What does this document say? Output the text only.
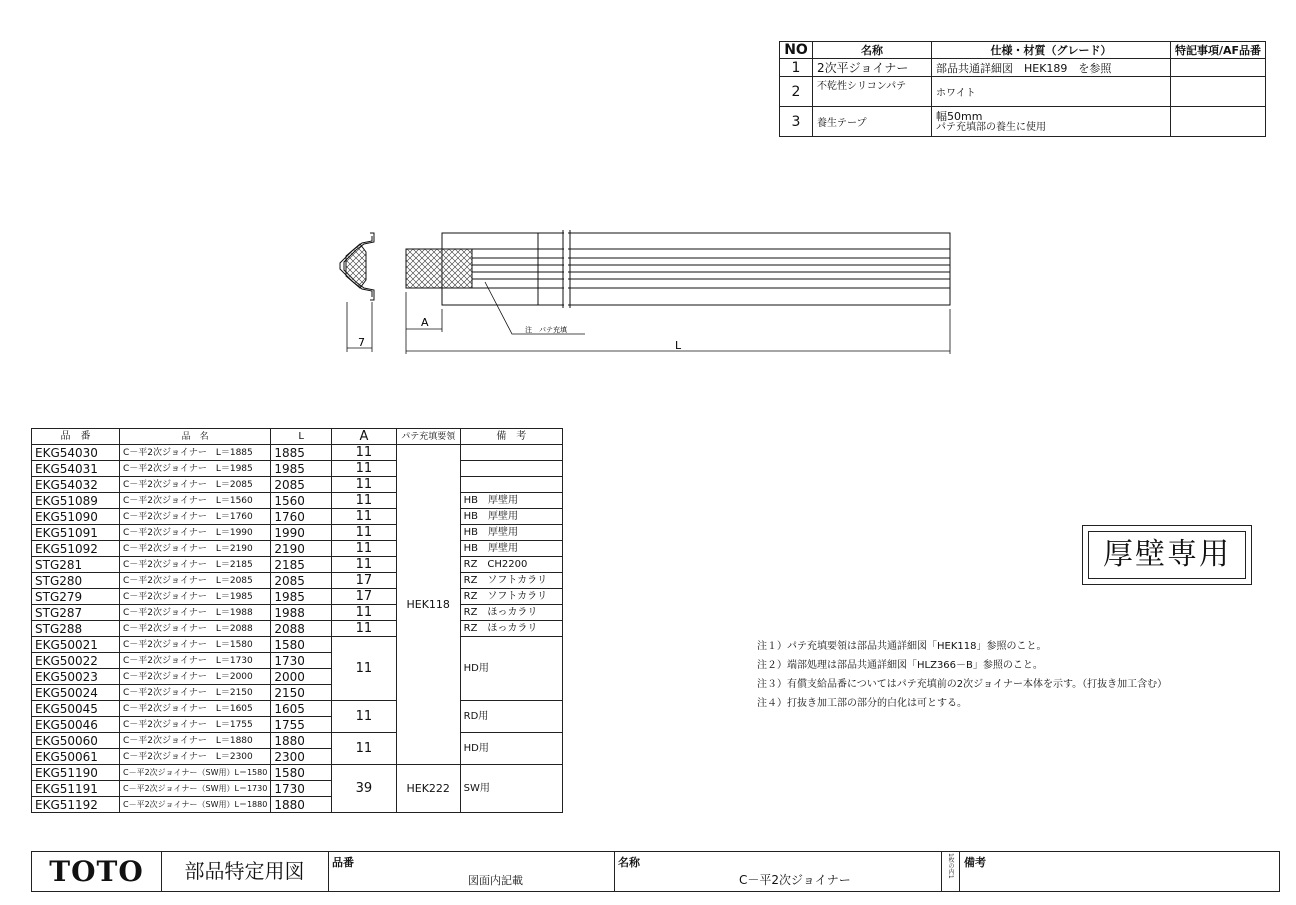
NO	名称	仕様・材質（グレード）	特記事項/AF品番
1	2次平ジョイナー	部品共通詳細図　HEK189　を参照	
2	不乾性シリコンパテ	ホワイト	
3	養生テープ	幅50mm
パテ充填部の養生に使用	

7
A
L
注　パテ充填
品　番	品　名	L	A	パテ充填要領	備　考
EKG54030	C－平2次ジョイナー　L＝1885	1885	11	HEK118	
EKG54031	C－平2次ジョイナー　L＝1985	1985	11		
EKG54032	C－平2次ジョイナー　L＝2085	2085	11		
EKG51089	C－平2次ジョイナー　L＝1560	1560	11		HB　厚壁用
EKG51090	C－平2次ジョイナー　L＝1760	1760	11		HB　厚壁用
EKG51091	C－平2次ジョイナー　L＝1990	1990	11		HB　厚壁用
EKG51092	C－平2次ジョイナー　L＝2190	2190	11		HB　厚壁用
STG281	C－平2次ジョイナー　L＝2185	2185	11		RZ　CH2200
STG280	C－平2次ジョイナー　L＝2085	2085	17		RZ　ソフトカラリ
STG279	C－平2次ジョイナー　L＝1985	1985	17		RZ　ソフトカラリ
STG287	C－平2次ジョイナー　L＝1988	1988	11		RZ　ほっカラリ
STG288	C－平2次ジョイナー　L＝2088	2088	11		RZ　ほっカラリ
EKG50021	C－平2次ジョイナー　L＝1580	1580	11		HD用
EKG50022	C－平2次ジョイナー　L＝1730	1730			
EKG50023	C－平2次ジョイナー　L＝2000	2000			
EKG50024	C－平2次ジョイナー　L＝2150	2150			
EKG50045	C－平2次ジョイナー　L＝1605	1605	11		RD用
EKG50046	C－平2次ジョイナー　L＝1755	1755			
EKG50060	C－平2次ジョイナー　L＝1880	1880	11		HD用
EKG50061	C－平2次ジョイナー　L＝2300	2300			
EKG51190	C－平2次ジョイナー（SW用）L＝1580	1580	39	HEK222	SW用
EKG51191	C－平2次ジョイナー（SW用）L＝1730	1730			
EKG51192	C－平2次ジョイナー（SW用）L＝1880	1880			
厚壁専用
注１）パテ充填要領は部品共通詳細図「HEK118」参照のこと。
注２）端部処理は部品共通詳細図「HLZ366－B」参照のこと。
注３）有償支給品番についてはパテ充填前の2次ジョイナー本体を示す。（打抜き加工含む）
注４）打抜き加工部の部分的白化は可とする。
TOTO	部品特定用図	品番
図面内記載
名称
C－平2次ジョイナー
1枚の内1 備考
